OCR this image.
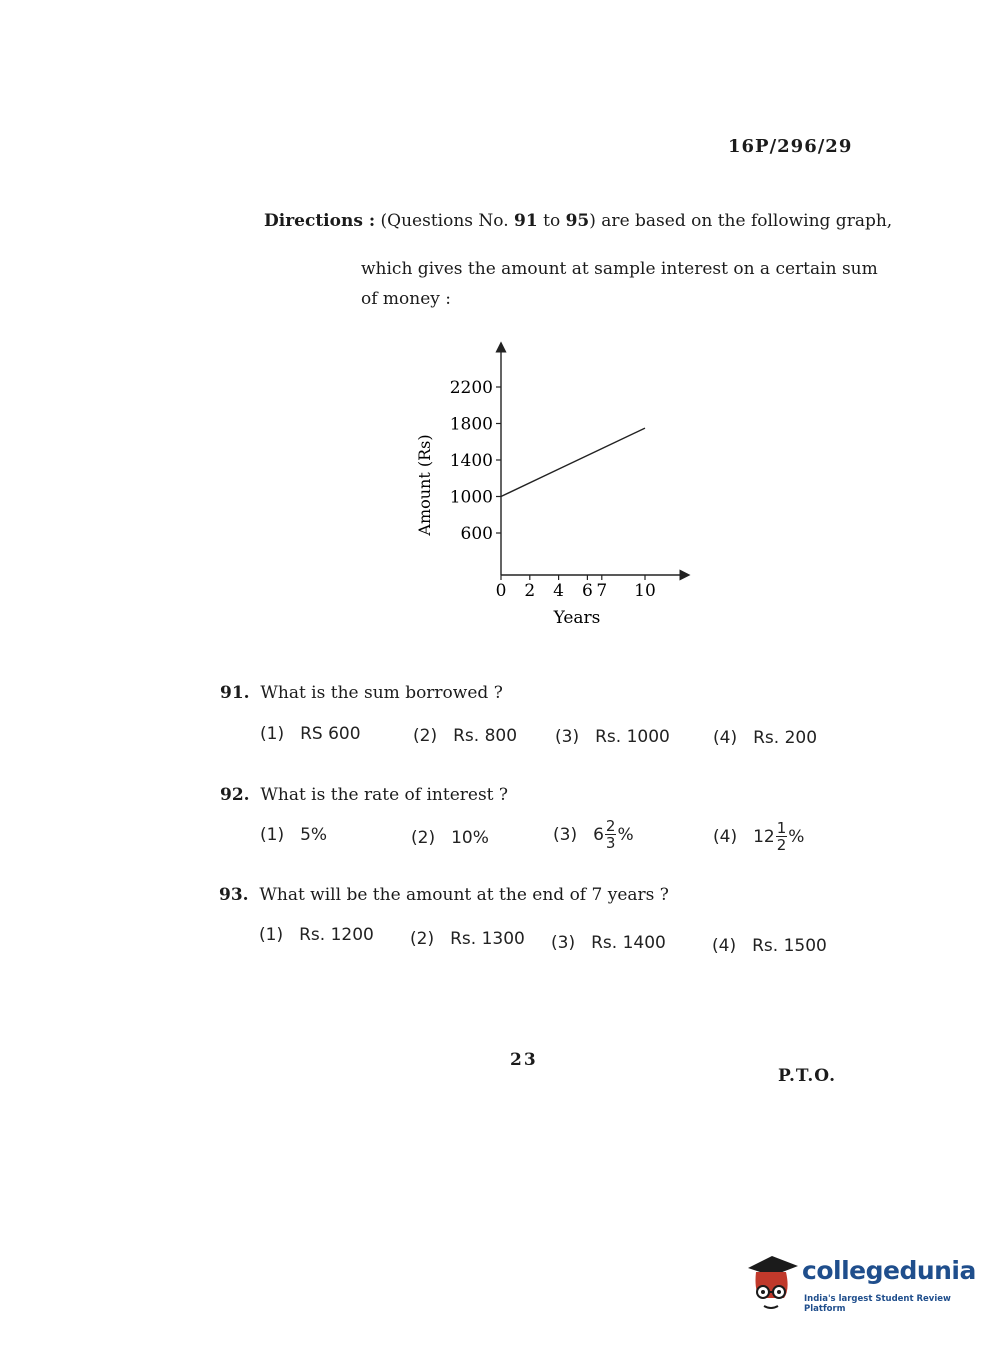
16P/296/29
Directions : (Questions No. 91 to 95) are based on the following graph,
which gives the amount at sample interest on a certain sum
of money :
600
1000
1400
1800
2200
0 2 4 6 7 10
Amount (Rs)
Years
91. What is the sum borrowed ?
(1) RS 600	(2) Rs. 800 (3) Rs. 1000	(4) Rs. 200
92. What is the rate of interest ?
(1) 5%	(2) 10%	(3) $6 \frac{2}{3}$ %	(4) $12 \frac{1}{2}$ %
93. What will be the amount at the end of 7 years ?
(1) Rs. 1200 (2) Rs. 1300 (3) Rs. 1400	(4) Rs. 1500
23
P.T.O.
collegedunia
India's largest Student Review Platform
